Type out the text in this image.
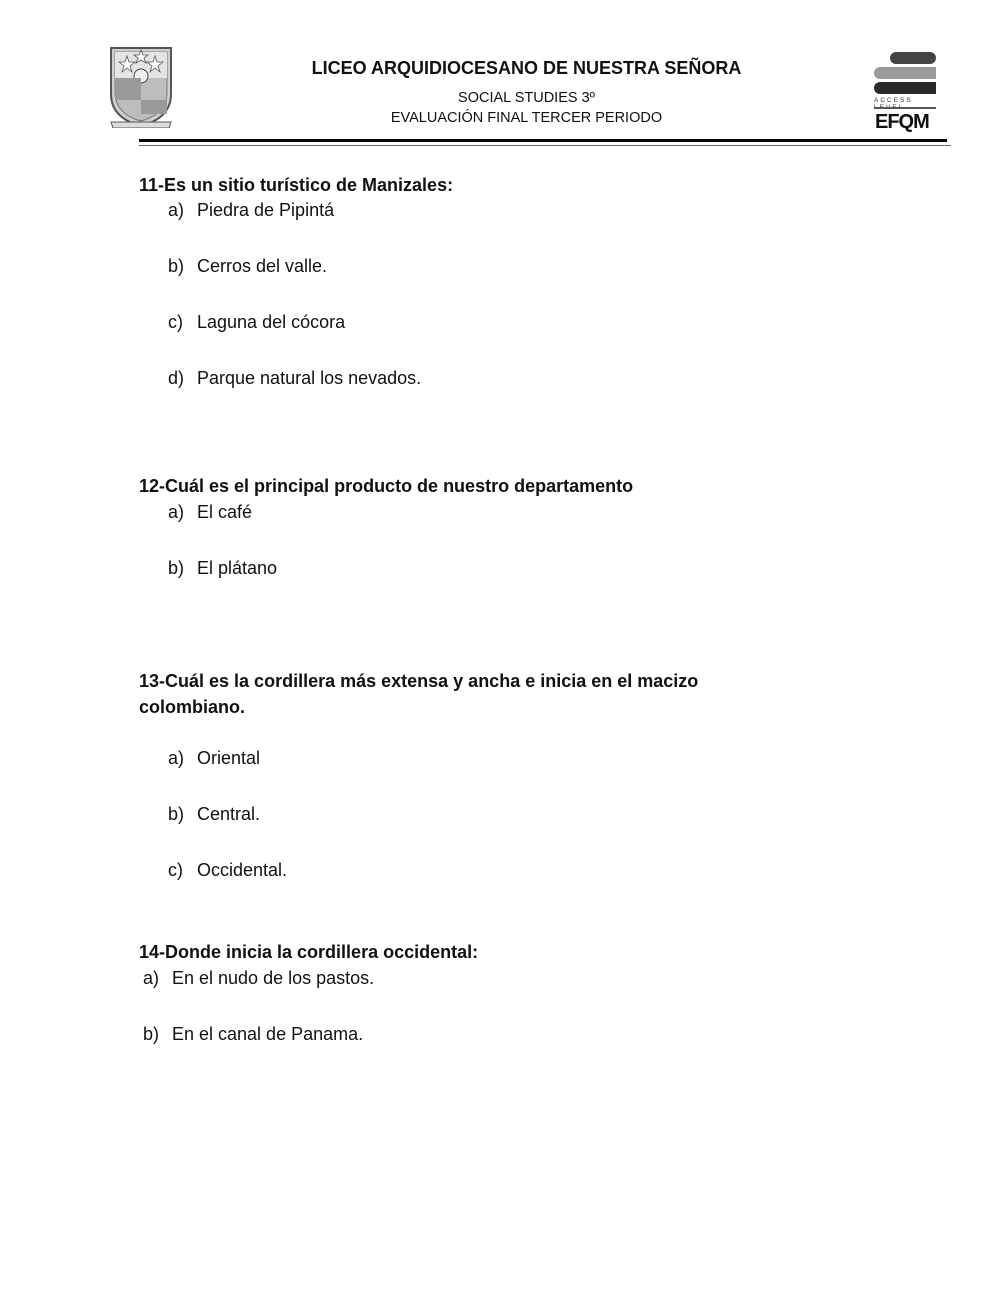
LICEO ARQUIDIOCESANO DE NUESTRA SEÑORA
SOCIAL STUDIES 3º
EVALUACIÓN FINAL TERCER PERIODO
ACCESS
EFQM
11-Es un sitio turístico de Manizales:
a) Piedra de Pipintá
b) Cerros del valle.
c) Laguna del cócora
d) Parque natural los nevados.
12-Cuál es el principal producto de nuestro departamento
a) El café
b) El plátano
13-Cuál es la cordillera más extensa y ancha e inicia en el macizo
colombiano.
a) Oriental
b) Central.
c) Occidental.
14-Donde inicia la cordillera occidental:
a) En el nudo de los pastos.
b) En el canal de Panama.
